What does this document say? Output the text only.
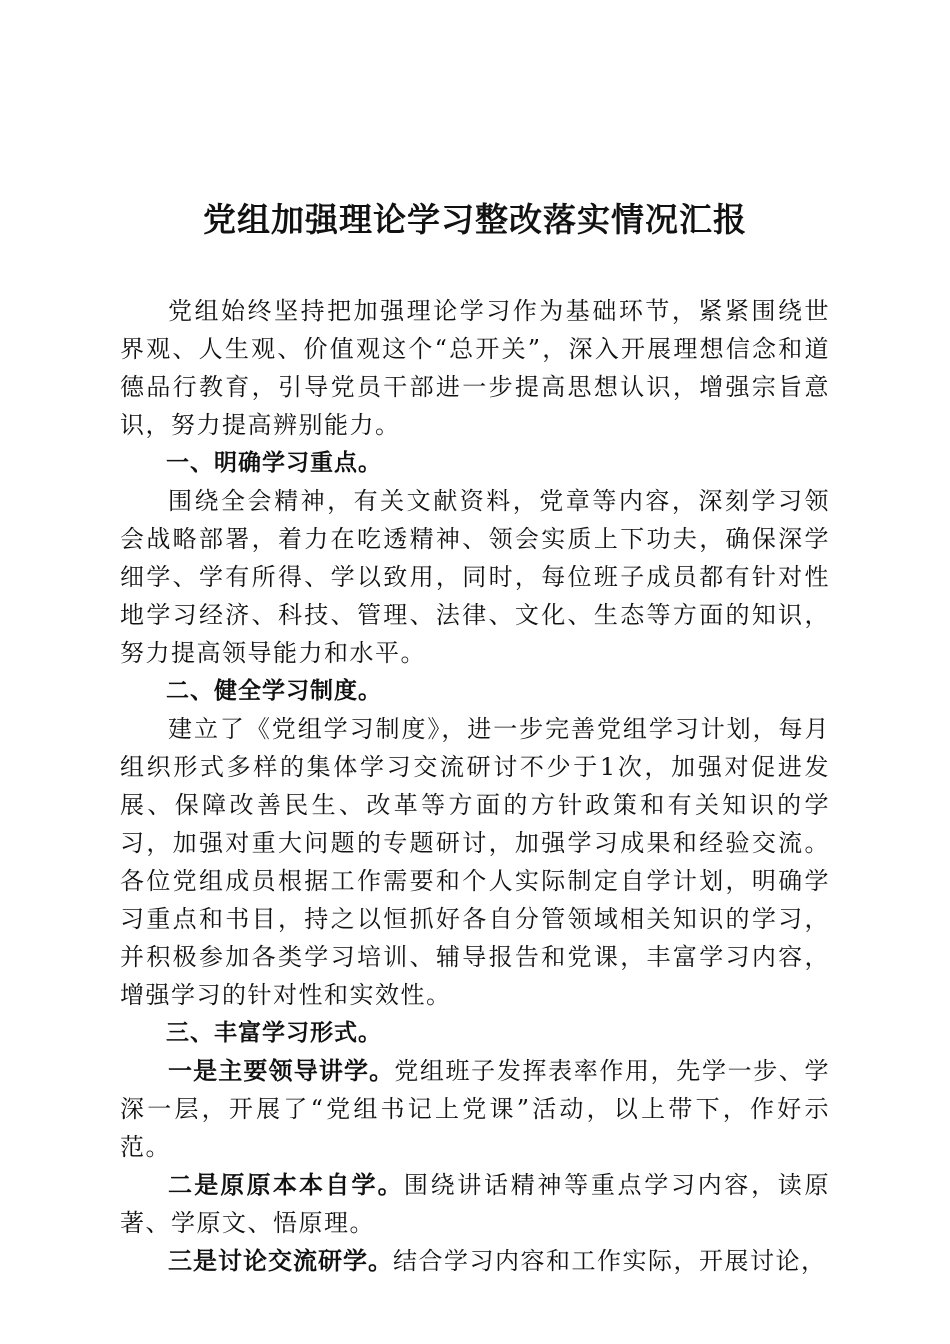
党组加强理论学习整改落实情况汇报

党组始终坚持把加强理论学习作为基础环节，紧紧围绕世界观、人生观、价值观这个“总开关”，深入开展理想信念和道德品行教育，引导党员干部进一步提高思想认识，增强宗旨意识，努力提高辨别能力。

一、明确学习重点。

围绕全会精神，有关文献资料，党章等内容，深刻学习领会战略部署，着力在吃透精神、领会实质上下功夫，确保深学细学、学有所得、学以致用，同时，每位班子成员都有针对性地学习经济、科技、管理、法律、文化、生态等方面的知识，努力提高领导能力和水平。

二、健全学习制度。

建立了《党组学习制度》，进一步完善党组学习计划，每月组织形式多样的集体学习交流研讨不少于1次，加强对促进发展、保障改善民生、改革等方面的方针政策和有关知识的学习，加强对重大问题的专题研讨，加强学习成果和经验交流。各位党组成员根据工作需要和个人实际制定自学计划，明确学习重点和书目，持之以恒抓好各自分管领域相关知识的学习，并积极参加各类学习培训、辅导报告和党课，丰富学习内容，增强学习的针对性和实效性。

三、丰富学习形式。

一是主要领导讲学。党组班子发挥表率作用，先学一步、学深一层，开展了“党组书记上党课”活动，以上带下，作好示范。

二是原原本本自学。围绕讲话精神等重点学习内容，读原著、学原文、悟原理。

三是讨论交流研学。结合学习内容和工作实际，开展讨论，
